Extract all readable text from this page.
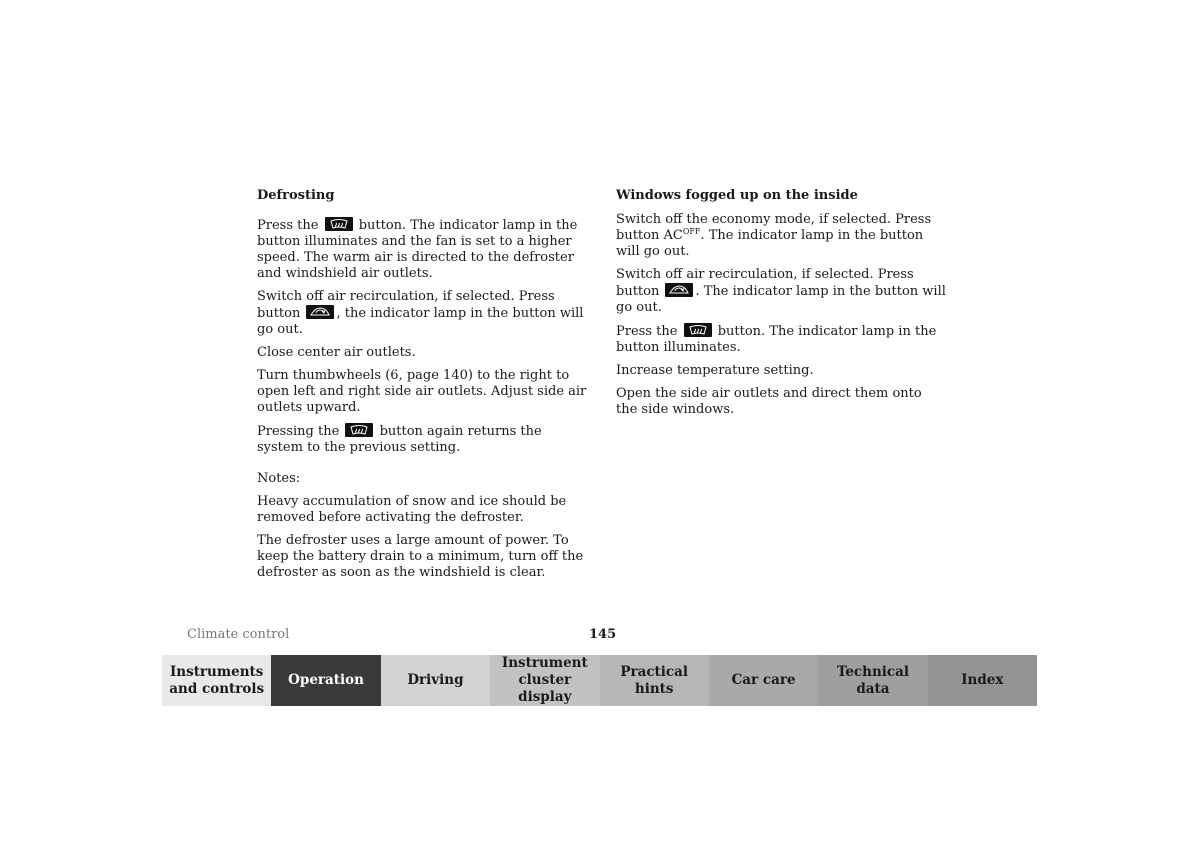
Defrosting

Press the	button. The indicator lamp in the button illuminates and the fan is set to a higher speed. The warm air is directed to the defroster and windshield air outlets.

Switch off air recirculation, if selected. Press button	, the indicator lamp in the button will go out.

Close center air outlets.

Turn thumbwheels (6, page 140) to the right to open left and right side air outlets. Adjust side air outlets upward.

Pressing the	button again returns the system to the previous setting.

Notes:

Heavy accumulation of snow and ice should be removed before activating the defroster.

The defroster uses a large amount of power. To keep the battery drain to a minimum, turn off the defroster as soon as the windshield is clear.

Windows fogged up on the inside

Switch off the economy mode, if selected. Press button $AC^{OFF}$. The indicator lamp in the button will go out.

Switch off air recirculation, if selected. Press button	. The indicator lamp in the button will go out.

Press the	button. The indicator lamp in the button illuminates.

Increase temperature setting.

Open the side air outlets and direct them onto the side windows.

Climate control	145
Instruments
and controls
Operation	Driving
Instrument
cluster display
Practical hints
Car care
Technical
data
Index
